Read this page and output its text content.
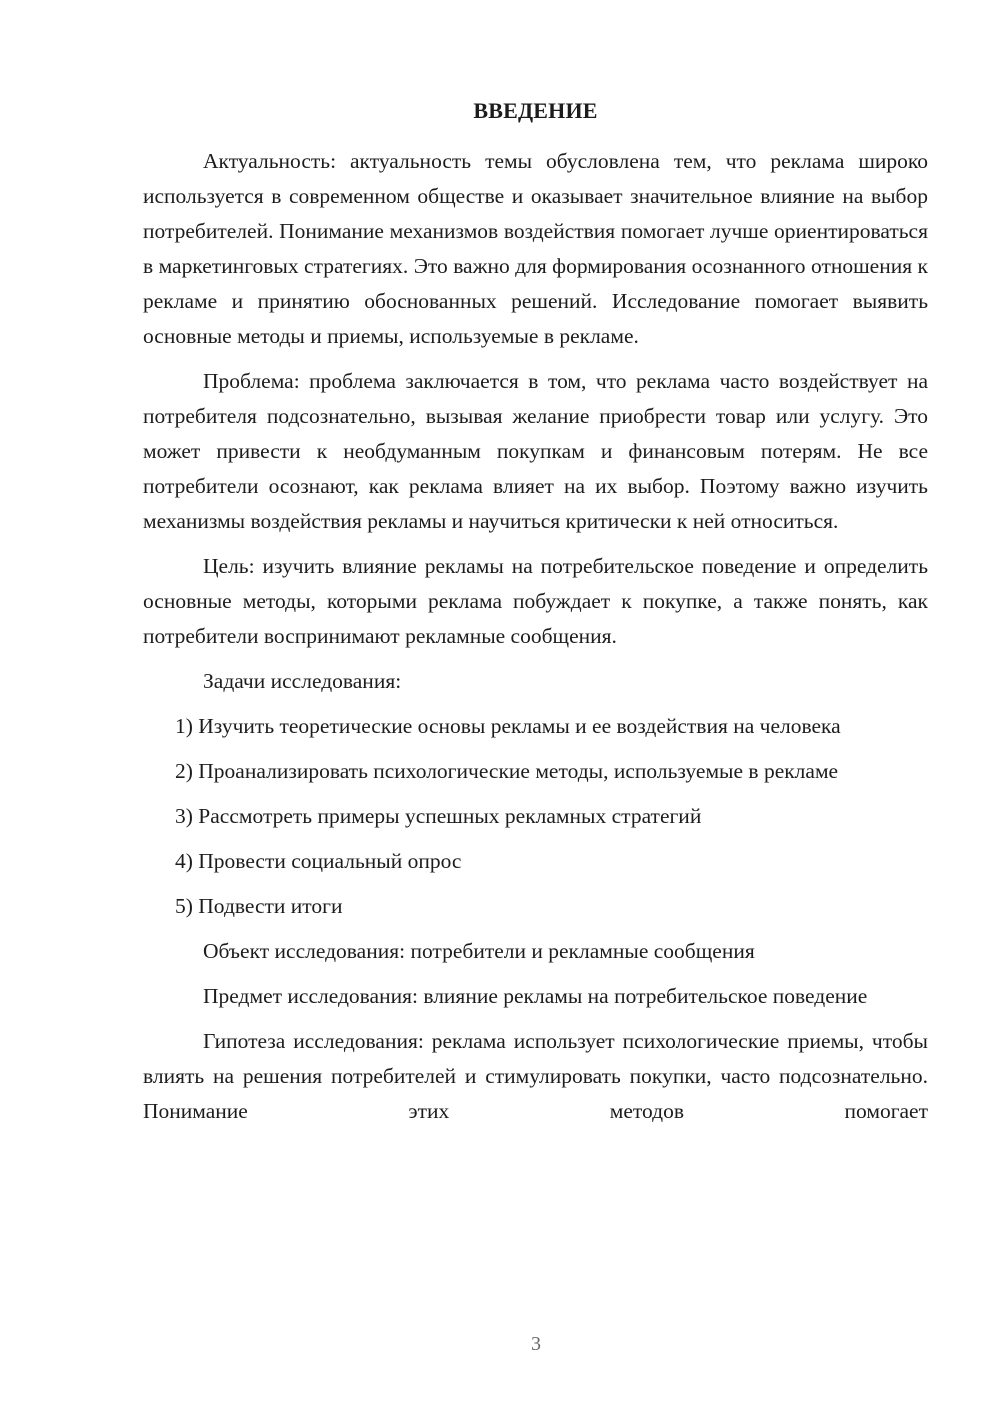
ВВЕДЕНИЕ

Актуальность: актуальность темы обусловлена тем, что реклама широко используется в современном обществе и оказывает значительное влияние на выбор потребителей. Понимание механизмов воздействия помогает лучше ориентироваться в маркетинговых стратегиях. Это важно для формирования осознанного отношения к рекламе и принятию обоснованных решений. Исследование помогает выявить основные методы и приемы, используемые в рекламе.

Проблема: проблема заключается в том, что реклама часто воздействует на потребителя подсознательно, вызывая желание приобрести товар или услугу. Это может привести к необдуманным покупкам и финансовым потерям. Не все потребители осознают, как реклама влияет на их выбор. Поэтому важно изучить механизмы воздействия рекламы и научиться критически к ней относиться.

Цель: изучить влияние рекламы на потребительское поведение и определить основные методы, которыми реклама побуждает к покупке, а также понять, как потребители воспринимают рекламные сообщения.

Задачи исследования:

1) Изучить теоретические основы рекламы и ее воздействия на человека

2) Проанализировать психологические методы, используемые в рекламе

3) Рассмотреть примеры успешных рекламных стратегий

4) Провести социальный опрос

5) Подвести итоги

Объект исследования: потребители и рекламные сообщения

Предмет исследования: влияние рекламы на потребительское поведение

Гипотеза исследования: реклама использует психологические приемы, чтобы влиять на решения потребителей и стимулировать покупки, часто подсознательно. Понимание этих методов помогает

3
